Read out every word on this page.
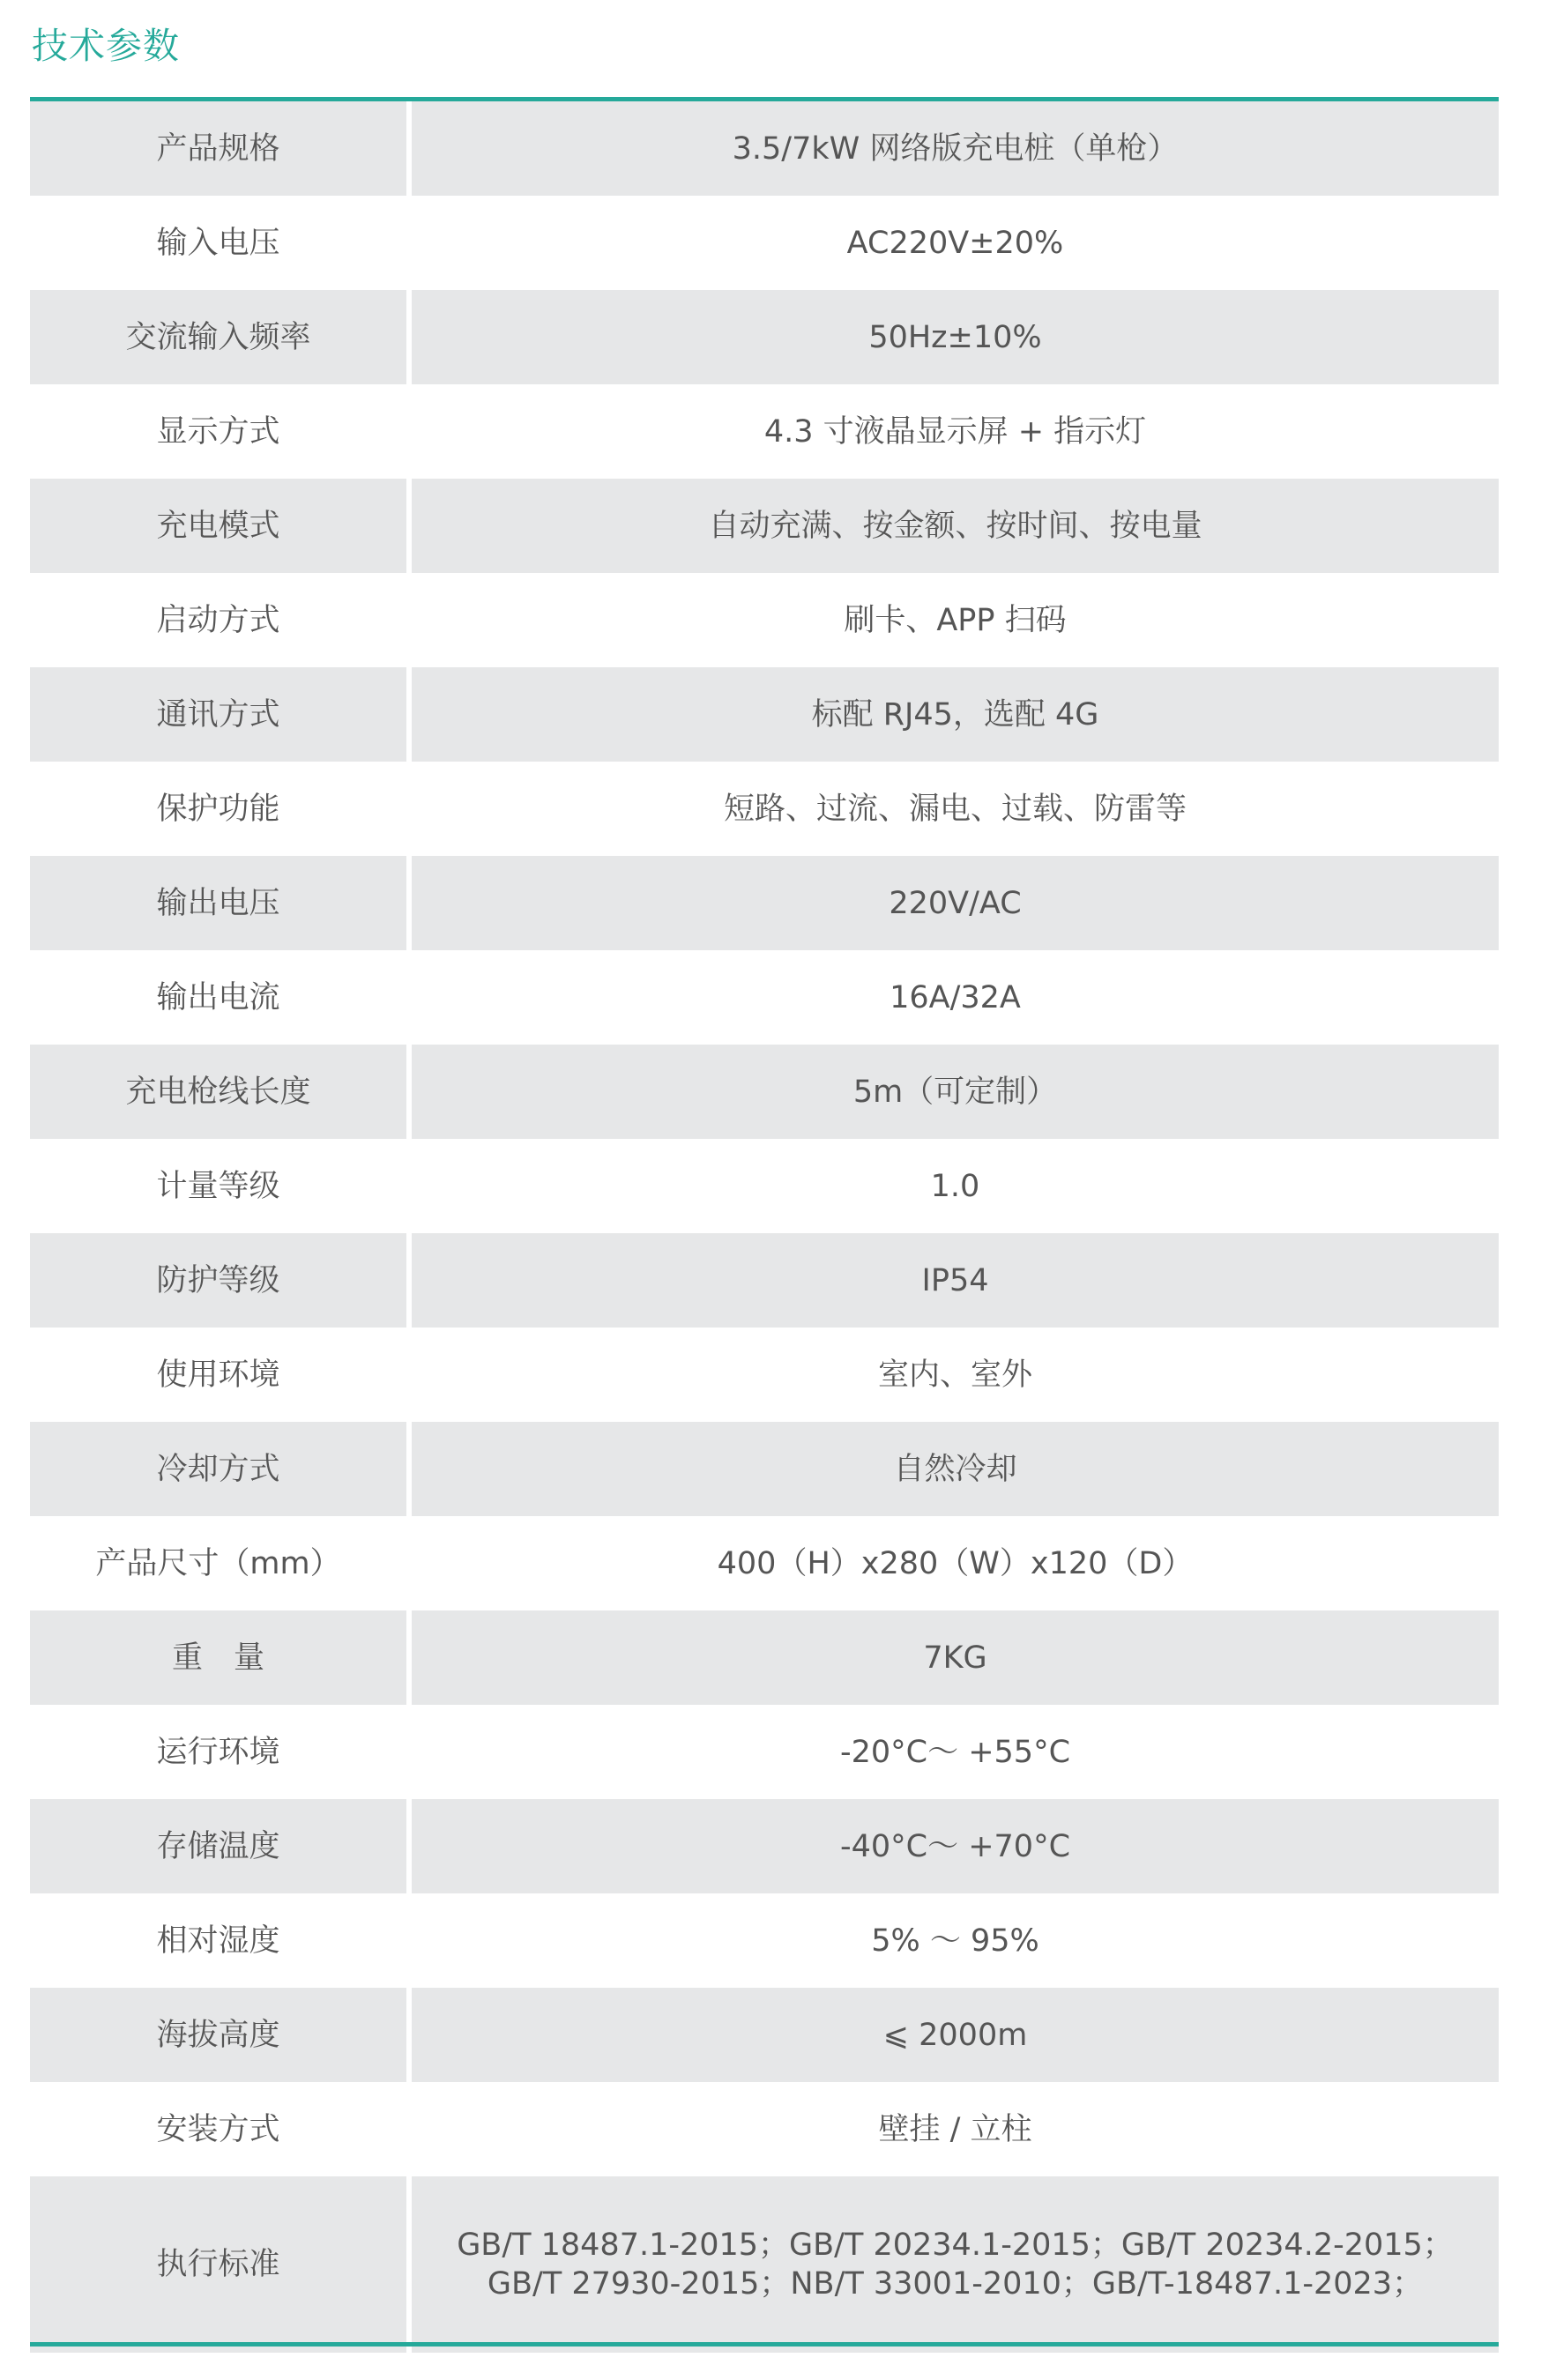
技术参数
产品规格	3.5/7kW 网络版充电桩（单枪）
输入电压	AC220V±20%
交流输入频率	50Hz±10%
显示方式	4.3 寸液晶显示屏 + 指示灯
充电模式	自动充满、按金额、按时间、按电量
启动方式	刷卡、APP 扫码
通讯方式	标配 RJ45，选配 4G
保护功能	短路、过流、漏电、过载、防雷等
输出电压	220V/AC
输出电流	16A/32A
充电枪线长度	5m（可定制）
计量等级	1.0
防护等级	IP54
使用环境	室内、室外
冷却方式	自然冷却
产品尺寸（mm）	400（H）x280（W）x120（D）
重　量	7KG
运行环境	-20°C～ +55°C
存储温度	-40°C～ +70°C
相对湿度	5% ～ 95%
海拔高度	⩽ 2000m
安装方式	壁挂 / 立柱
执行标准	GB/T 18487.1-2015；GB/T 20234.1-2015；GB/T 20234.2-2015；
GB/T 27930-2015；NB/T 33001-2010；GB/T-18487.1-2023；
